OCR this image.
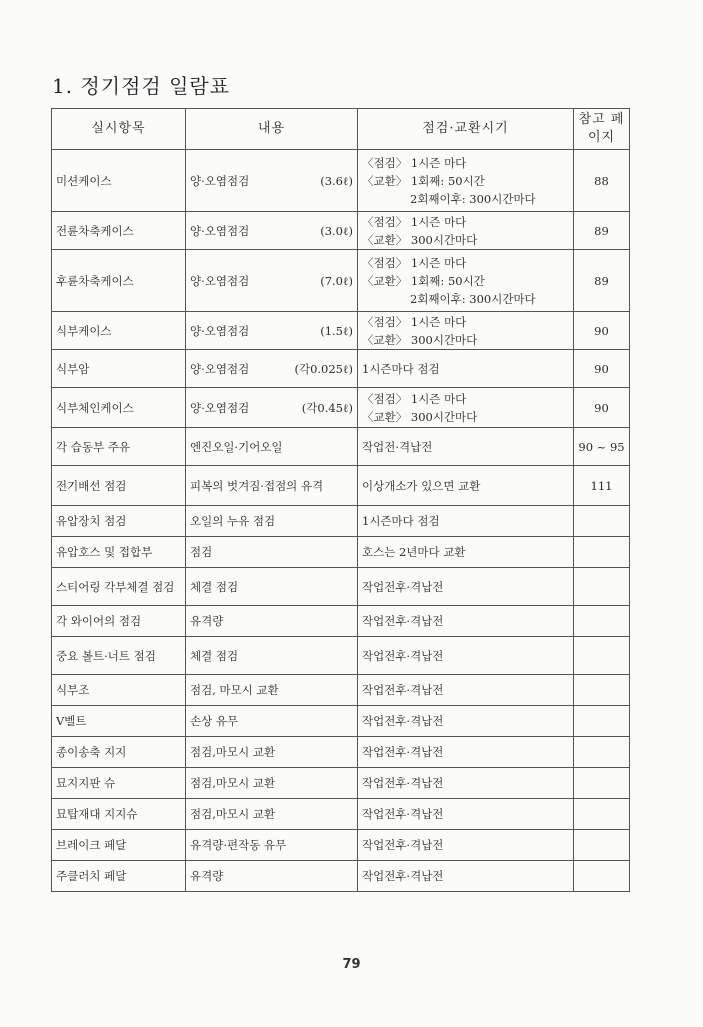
1. 정기점검 일람표
실시항목	내용	점검·교환시기	참고 페이지
미션케이스	양·오염점검 (3.6ℓ)	〈점검〉 1시즌 마다
〈교환〉 1회째: 50시간
2회째이후: 300시간마다	88
전륜차축케이스	양·오염점검 (3.0ℓ)	〈점검〉 1시즌 마다
〈교환〉 300시간마다	89
후륜차축케이스	양·오염점검 (7.0ℓ)	〈점검〉 1시즌 마다
〈교환〉 1회째: 50시간
2회째이후: 300시간마다	89
식부케이스	양·오염점검 (1.5ℓ)	〈점검〉 1시즌 마다
〈교환〉 300시간마다	90
식부암	양·오염점검 (각0.025ℓ)	1시즌마다 점검	90
식부체인케이스	양·오염점검 (각0.45ℓ)	〈점검〉 1시즌 마다
〈교환〉 300시간마다	90
각 습동부 주유	엔진오일·기어오일	작업전·격납전	90 ~ 95
전기배선 점검	피복의 벗겨짐·접점의 유격	이상개소가 있으면 교환	111
유압장치 점검	오일의 누유 점검	1시즌마다 점검	

유압호스 및 접합부	점검	호스는 2년마다 교환	

스티어링 각부체결 점검	체결 점검	작업전후·격납전	

각 와이어의 점검	유격량	작업전후·격납전	

중요 볼트·너트 점검	체결 점검	작업전후·격납전	

식부조	점검, 마모시 교환	작업전후·격납전	

V벨트	손상 유무	작업전후·격납전	

종이송축 지지	점검,마모시 교환	작업전후·격납전	

묘지지판 슈	점검,마모시 교환	작업전후·격납전	

묘탑재대 지지슈	점검,마모시 교환	작업전후·격납전	

브레이크 페달	유격량·편작동 유무	작업전후·격납전	

주클러치 페달	유격량	작업전후·격납전	

79
